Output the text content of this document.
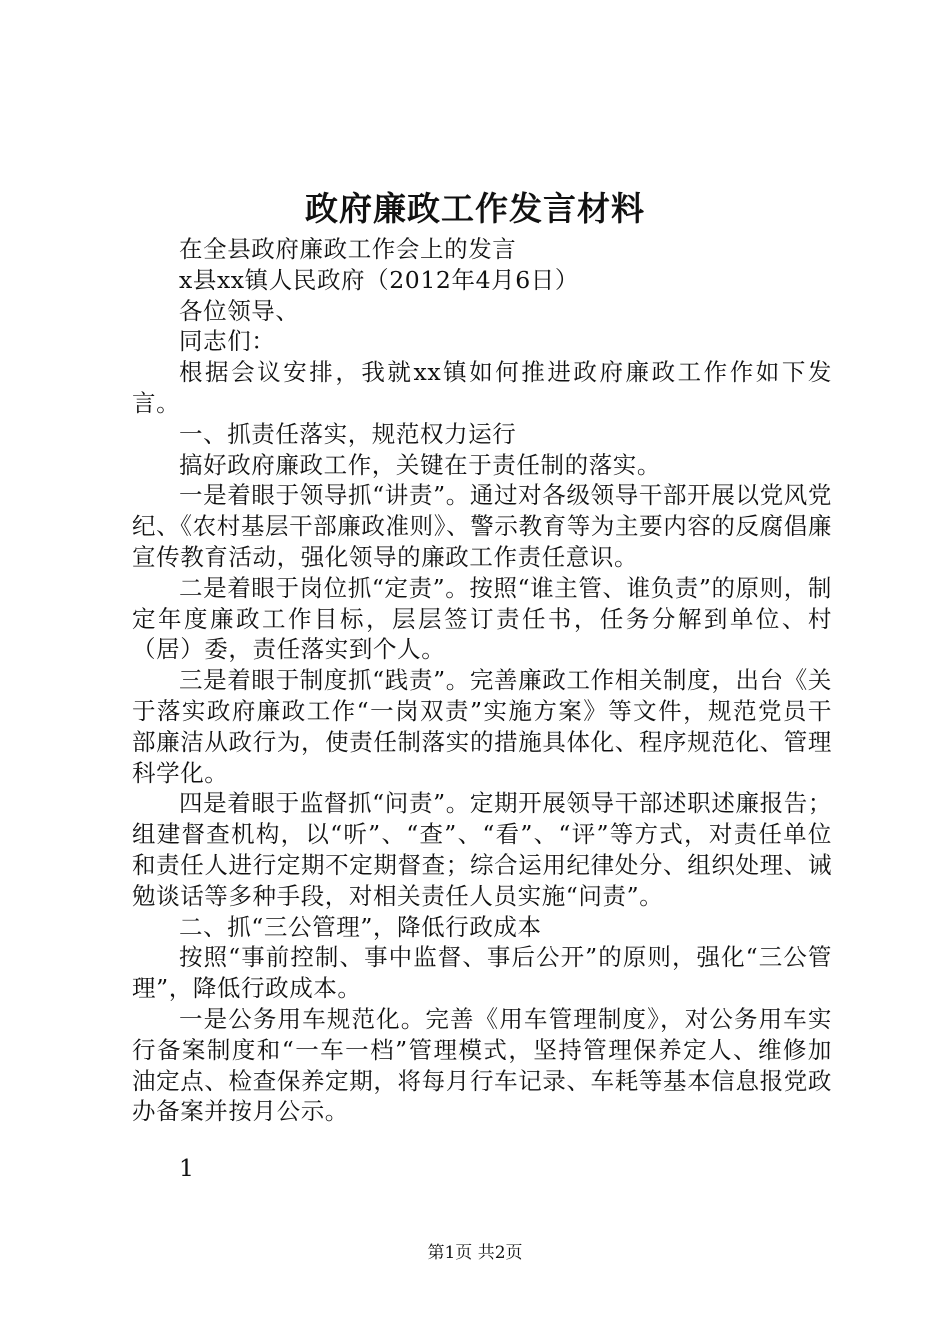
政府廉政工作发言材料

在全县政府廉政工作会上的发言

x县xx镇人民政府（2012年4月6日）

各位领导、

同志们：

根据会议安排，我就xx镇如何推进政府廉政工作作如下发言。

一、抓责任落实，规范权力运行

搞好政府廉政工作，关键在于责任制的落实。

一是着眼于领导抓“讲责”。通过对各级领导干部开展以党风党纪、《农村基层干部廉政准则》、警示教育等为主要内容的反腐倡廉宣传教育活动，强化领导的廉政工作责任意识。

二是着眼于岗位抓“定责”。按照“谁主管、谁负责”的原则，制定年度廉政工作目标，层层签订责任书，任务分解到单位、村（居）委，责任落实到个人。

三是着眼于制度抓“践责”。完善廉政工作相关制度，出台《关于落实政府廉政工作“一岗双责”实施方案》等文件，规范党员干部廉洁从政行为，使责任制落实的措施具体化、程序规范化、管理科学化。

四是着眼于监督抓“问责”。定期开展领导干部述职述廉报告；组建督查机构，以“听”、“查”、“看”、“评”等方式，对责任单位和责任人进行定期不定期督查；综合运用纪律处分、组织处理、诫勉谈话等多种手段，对相关责任人员实施“问责”。

二、抓“三公管理”，降低行政成本

按照“事前控制、事中监督、事后公开”的原则，强化“三公管理”，降低行政成本。

一是公务用车规范化。完善《用车管理制度》，对公务用车实行备案制度和“一车一档”管理模式，坚持管理保养定人、维修加油定点、检查保养定期，将每月行车记录、车耗等基本信息报党政办备案并按月公示。

1
第1页 共2页
